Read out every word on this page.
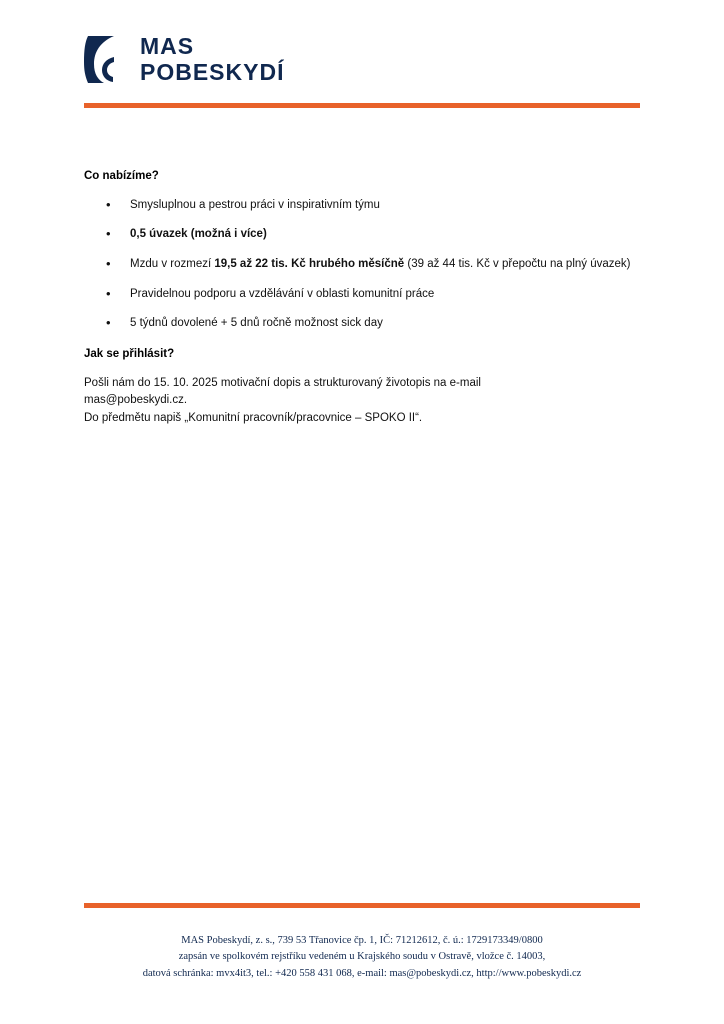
MAS
POBESKYDÍ

Co nabízíme?

• Smysluplnou a pestrou práci v inspirativním týmu
• 0,5 úvazek (možná i více)
• Mzdu v rozmezí 19,5 až 22 tis. Kč hrubého měsíčně (39 až 44 tis. Kč v přepočtu na plný úvazek)
• Pravidelnou podporu a vzdělávání v oblasti komunitní práce
• 5 týdnů dovolené + 5 dnů ročně možnost sick day

Jak se přihlásit?

Pošli nám do 15. 10. 2025 motivační dopis a strukturovaný životopis na e-mail

mas@pobeskydi.cz.

Do předmětu napiš „Komunitní pracovník/pracovnice – SPOKO II“.

MAS Pobeskydí, z. s., 739 53 Třanovice čp. 1, IČ: 71212612, č. ú.: 1729173349/0800
zapsán ve spolkovém rejstříku vedeném u Krajského soudu v Ostravě, vložce č. 14003,
datová schránka: mvx4it3, tel.: +420 558 431 068, e-mail: mas@pobeskydi.cz, http://www.pobeskydi.cz
